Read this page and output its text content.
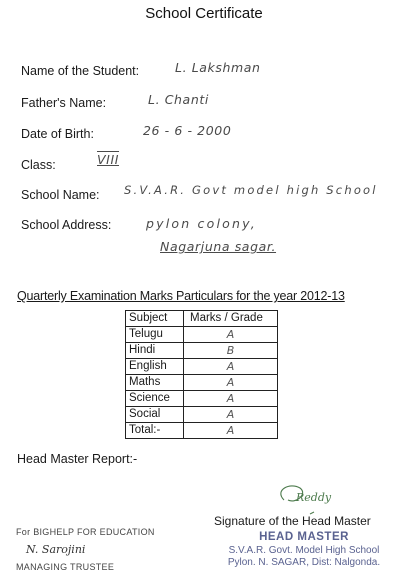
School Certificate
Name of the Student:	L. Lakshman
Father's Name:	L. Chanti
Date of Birth:	26 - 6 - 2000
Class:	VIII
School Name: S.V.A.R. Govt model high School
School Address:	pylon colony,
Nagarjuna sagar.
Quarterly Examination Marks Particulars for the year 2012-13
Subject	Marks / Grade
Telugu	A
Hindi	B
English	A
Maths	A
Science	A
Social	A
Total:-	A
Head Master Report:-
For BIGHELP FOR EDUCATION
N. Sarojini
MANAGING TRUSTEE
Reddy
Signature of the Head Master
HEAD MASTER
S.V.A.R. Govt. Model High School
Pylon. N. SAGAR, Dist: Nalgonda.
